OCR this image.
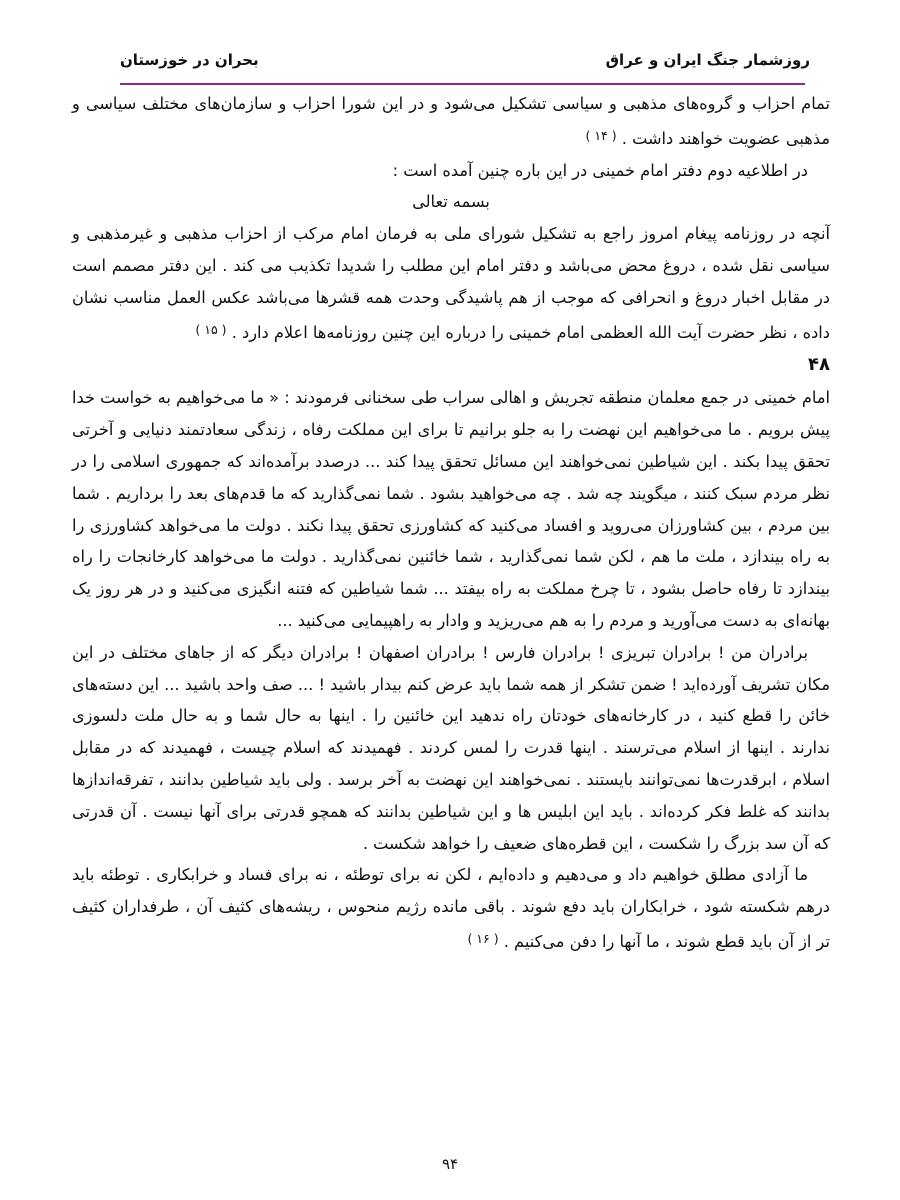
روزشمار جنگ ایران و عراق
بحران در خوزستان

تمام احزاب و گروه‌های مذهبی و سیاسی تشکیل می‌شود و در این شورا احزاب و سازمان‌های مختلف سیاسی و مذهبی عضویت خواهند داشت . $^{( ۱۴ )}$

در اطلاعیه دوم دفتر امام خمینی در این باره چنین آمده است :

بسمه تعالی

آنچه در روزنامه پیغام امروز راجع به تشکیل شورای ملی به فرمان امام مرکب از احزاب مذهبی و غیرمذهبی و سیاسی نقل شده ، دروغ محض می‌باشد و دفتر امام این مطلب را شدیدا تکذیب می کند . این دفتر مصمم است در مقابل اخبار دروغ و انحرافی که موجب از هم پاشیدگی وحدت همه قشرها می‌باشد عکس العمل مناسب نشان داده ، نظر حضرت آیت الله العظمی امام خمینی را درباره این چنین روزنامه‌ها اعلام دارد . $^{( ۱۵ )}$

۴۸

امام خمینی در جمع معلمان منطقه تجریش و اهالی سراب طی سخنانی فرمودند : « ما می‌خواهیم به خواست خدا پیش برویم . ما می‌خواهیم این نهضت را به جلو برانیم تا برای این مملکت رفاه ، زندگی سعادتمند دنیایی و آخرتی تحقق پیدا بکند . این شیاطین نمی‌خواهند این مسائل تحقق پیدا کند ... درصدد برآمده‌اند که جمهوری اسلامی را در نظر مردم سبک کنند ، میگویند چه شد . چه می‌خواهید بشود . شما نمی‌گذارید که ما قدم‌های بعد را برداریم . شما بین مردم ، بین کشاورزان می‌روید و افساد می‌کنید که کشاورزی تحقق پیدا نکند . دولت ما می‌خواهد کشاورزی را به راه بیندازد ، ملت ما هم ، لکن شما نمی‌گذارید ، شما خائنین نمی‌گذارید . دولت ما می‌خواهد کارخانجات را راه بیندازد تا رفاه حاصل بشود ، تا چرخ مملکت به راه بیفتد ... شما شیاطین که فتنه انگیزی می‌کنید و در هر روز یک بهانه‌ای به دست می‌آورید و مردم را به هم می‌ریزید و وادار به راهپیمایی می‌کنید ...

برادران من ! برادران تبریزی ! برادران فارس ! برادران اصفهان ! برادران دیگر که از جاهای مختلف در این مکان تشریف آورده‌اید ! ضمن تشکر از همه شما باید عرض کنم بیدار باشید ! ... صف واحد باشید ... این دسته‌های خائن را قطع کنید ، در کارخانه‌های خودتان راه ندهید این خائنین را . اینها به حال شما و به حال ملت دلسوزی ندارند . اینها از اسلام می‌ترسند . اینها قدرت را لمس کردند . فهمیدند که اسلام چیست ، فهمیدند که در مقابل اسلام ، ابرقدرت‌ها نمی‌توانند بایستند . نمی‌خواهند این نهضت به آخر برسد . ولی باید شیاطین بدانند ، تفرقه‌اندازها بدانند که غلط فکر کرده‌اند . باید این ابلیس ها و این شیاطین بدانند که همچو قدرتی برای آنها نیست . آن قدرتی که آن سد بزرگ را شکست ، این قطره‌های ضعیف را خواهد شکست .

ما آزادی مطلق خواهیم داد و می‌دهیم و داده‌ایم ، لکن نه برای توطئه ، نه برای فساد و خرابکاری . توطئه باید درهم شکسته شود ، خرابکاران باید دفع شوند . باقی مانده رژیم منحوس ، ریشه‌های کثیف آن ، طرفداران کثیف تر از آن باید قطع شوند ، ما آنها را دفن می‌کنیم . $^{( ۱۶ )}$

۹۴
